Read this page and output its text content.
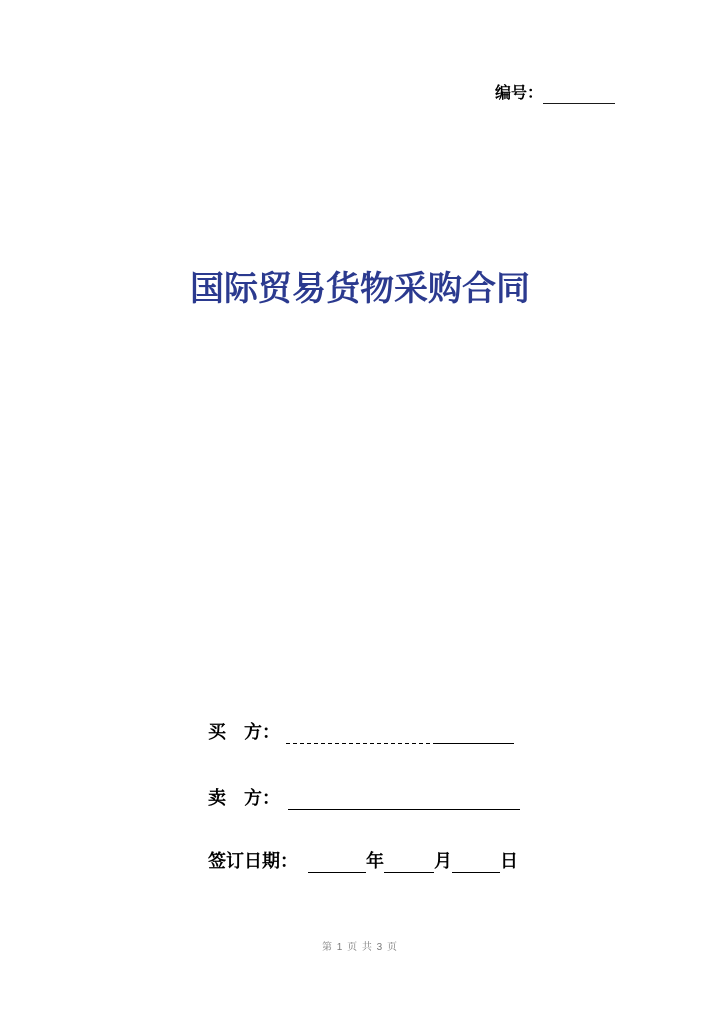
编号：
国际贸易货物采购合同
买　方：
卖　方：
签订日期：	年	月	日
第 1 页 共 3 页
